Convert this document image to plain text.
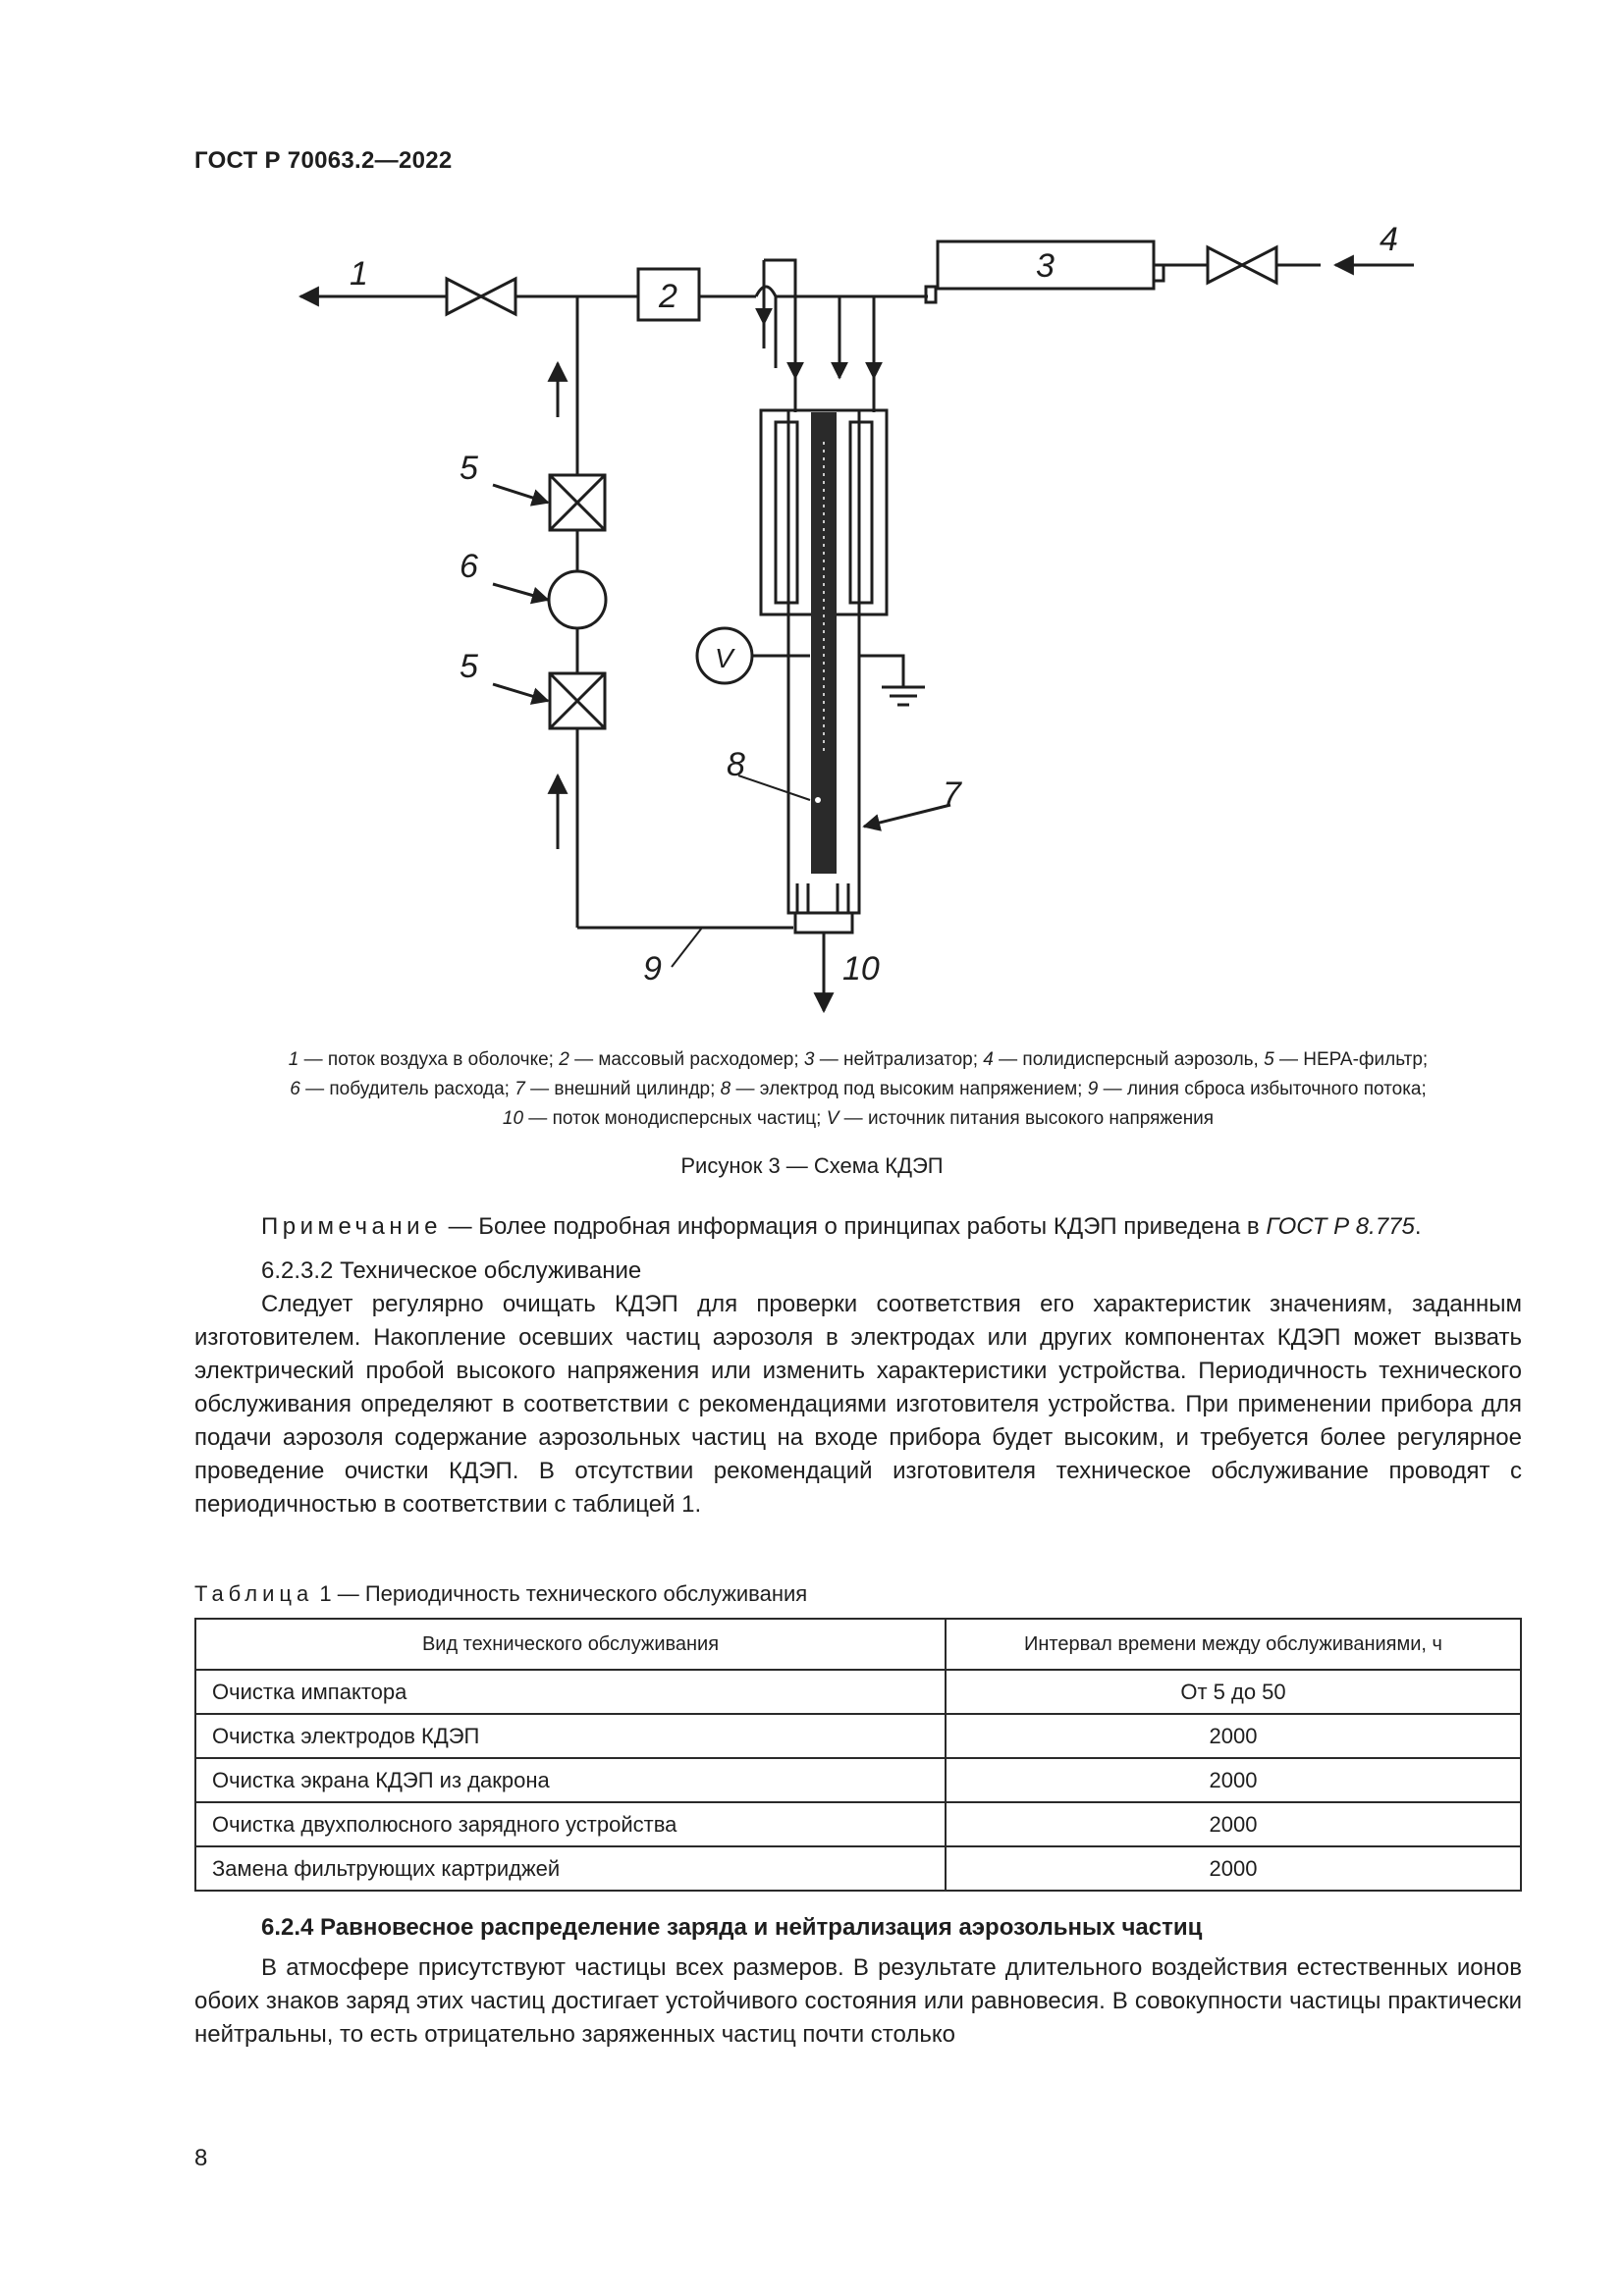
ГОСТ Р 70063.2—2022
1
2
3
4
5
6
5
8
7
9	10
V
1 — поток воздуха в оболочке; 2 — массовый расходомер; 3 — нейтрализатор; 4 — полидисперсный аэрозоль, 5 — HEPA-фильтр;
6 — побудитель расхода; 7 — внешний цилиндр; 8 — электрод под высоким напряжением; 9 — линия сброса избыточного потока;
10 — поток монодисперсных частиц; V — источник питания высокого напряжения
Рисунок 3 — Схема КДЭП
Примечание — Более подробная информация о принципах работы КДЭП приведена в ГОСТ Р 8.775.
6.2.3.2 Техническое обслуживание
Следует регулярно очищать КДЭП для проверки соответствия его характеристик значениям, заданным изготовителем. Накопление осевших частиц аэрозоля в электродах или других компонентах КДЭП может вызвать электрический пробой высокого напряжения или изменить характеристики устройства. Периодичность технического обслуживания определяют в соответствии с рекомендациями изготовителя устройства. При применении прибора для подачи аэрозоля содержание аэрозольных частиц на входе прибора будет высоким, и требуется более регулярное проведение очистки КДЭП. В отсутствии рекомендаций изготовителя техническое обслуживание проводят с периодичностью в соответствии с таблицей 1.
Таблица 1 — Периодичность технического обслуживания
Вид технического обслуживания	Интервал времени между обслуживаниями, ч
Очистка импактора	От 5 до 50
Очистка электродов КДЭП	2000
Очистка экрана КДЭП из дакрона	2000
Очистка двухполюсного зарядного устройства	2000
Замена фильтрующих картриджей	2000
6.2.4 Равновесное распределение заряда и нейтрализация аэрозольных частиц
В атмосфере присутствуют частицы всех размеров. В результате длительного воздействия естественных ионов обоих знаков заряд этих частиц достигает устойчивого состояния или равновесия. В совокупности частицы практически нейтральны, то есть отрицательно заряженных частиц почти столько
8
